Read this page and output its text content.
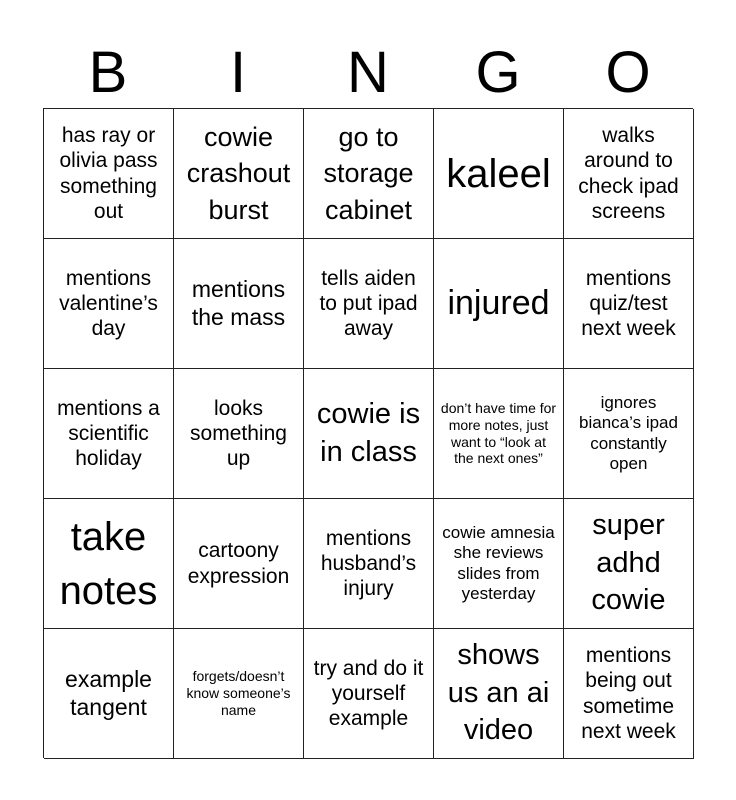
B	I	N	G	O
has ray or olivia pass something out
cowie crashout burst
go to storage cabinet
kaleel
walks around to check ipad screens
mentions valentine’s day
mentions the mass
tells aiden to put ipad away
injured
mentions quiz/test next week
mentions a scientific holiday
looks something up
cowie is in class
don’t have time for more notes, just want to “look at the next ones”
ignores bianca’s ipad constantly open
take notes
cartoony expression
mentions husband’s injury
cowie amnesia she reviews slides from yesterday
super adhd cowie
example tangent
forgets/doesn’t know someone’s name
try and do it yourself example
shows us an ai video
mentions being out sometime next week
